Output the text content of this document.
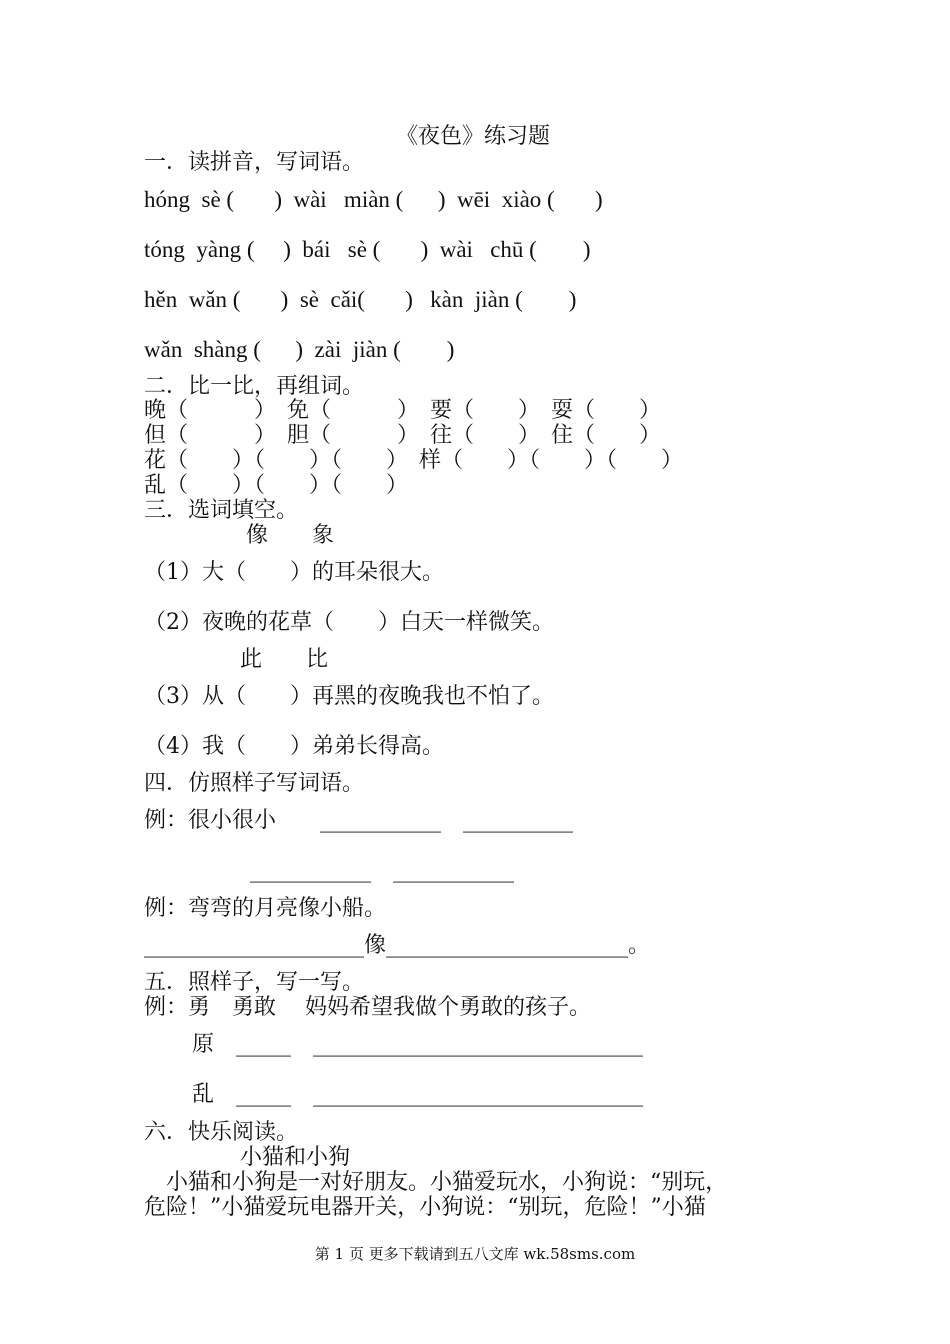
《夜色》练习题
一．读拼音，写词语。
hóng  sè (       )  wài   miàn (      )  wēi  xiào (       )
tóng  yàng (     )  bái   sè (       )  wài   chū (        )
hěn  wǎn (       )  sè  cǎi(       )   kàn  jiàn (        )
wǎn  shàng (      )  zài  jiàn (        )
二．比一比，再组词。
晚（　　　）　免（　　　）　要（　　）　耍（　　）
但（　　　）　胆（　　　）　往（　　）　住（　　）
花（　　）（　　）（　　）　样（　　）（　　）（　　）
乱（　　）（　　）（　　）
三．选词填空。
像　　象
（1）大（　　）的耳朵很大。
（2）夜晚的花草（　　）白天一样微笑。
此　　比
（3）从（　　）再黑的夜晚我也不怕了。
（4）我（　　）弟弟长得高。
四．仿照样子写词语。
例：很小很小　　___________　__________
___________　___________
例：弯弯的月亮像小船。
____________________像______________________。
五．照样子，写一写。
例：勇　勇敢　 妈妈希望我做个勇敢的孩子。
原　_____　______________________________
乱　_____　______________________________
六．快乐阅读。
小猫和小狗
　小猫和小狗是一对好朋友。小猫爱玩水，小狗说：“别玩，
危险！”小猫爱玩电器开关，小狗说：“别玩，危险！”小猫
第 1 页 更多下载请到五八文库 wk.58sms.com
